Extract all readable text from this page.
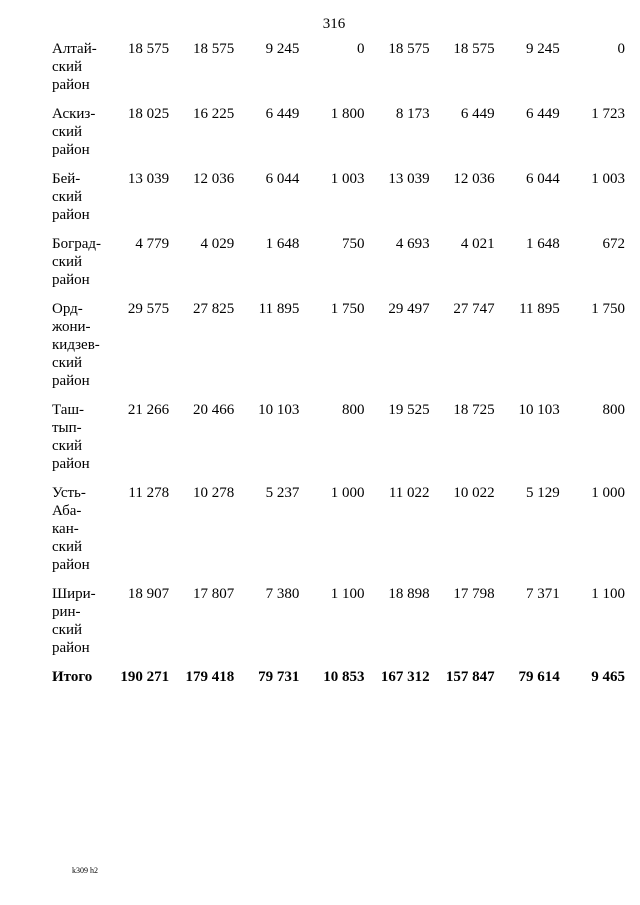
316
Алтай-
ский
район	18 575	18 575	9 245	0	18 575	18 575	9 245	0

Аскиз-
ский
район	18 025	16 225	6 449	1 800	8 173	6 449	6 449	1 723

Бей-
ский
район	13 039	12 036	6 044	1 003	13 039	12 036	6 044	1 003

Боград-
ский
район	4 779	4 029	1 648	750	4 693	4 021	1 648	672

Орд-
жони-
кидзев-
ский
район	29 575	27 825	11 895	1 750	29 497	27 747	11 895	1 750

Таш-
тып-
ский
район	21 266	20 466	10 103	800	19 525	18 725	10 103	800

Усть-
Аба-
кан-
ский
район	11 278	10 278	5 237	1 000	11 022	10 022	5 129	1 000

Шири-
рин-
ский
район	18 907	17 807	7 380	1 100	18 898	17 798	7 371	1 100
Итого	190 271	179 418	79 731	10 853	167 312	157 847	79 614	9 465
k309 h2
